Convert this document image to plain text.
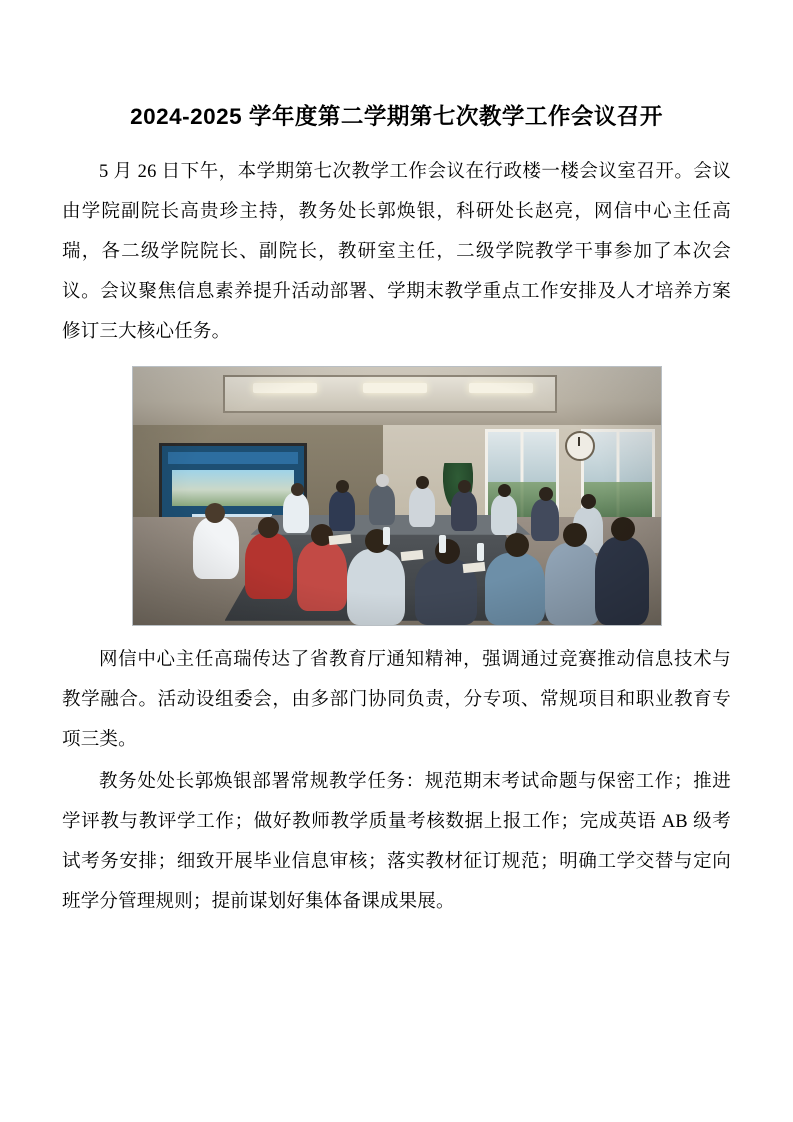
2024-2025 学年度第二学期第七次教学工作会议召开

5 月 26 日下午，本学期第七次教学工作会议在行政楼一楼会议室召开。会议由学院副院长高贵珍主持，教务处长郭焕银，科研处长赵亮，网信中心主任高瑞，各二级学院院长、副院长，教研室主任，二级学院教学干事参加了本次会议。会议聚焦信息素养提升活动部署、学期末教学重点工作安排及人才培养方案修订三大核心任务。

网信中心主任高瑞传达了省教育厅通知精神，强调通过竞赛推动信息技术与教学融合。活动设组委会，由多部门协同负责，分专项、常规项目和职业教育专项三类。

教务处处长郭焕银部署常规教学任务：规范期末考试命题与保密工作；推进学评教与教评学工作；做好教师教学质量考核数据上报工作；完成英语 AB 级考试考务安排；细致开展毕业信息审核；落实教材征订规范；明确工学交替与定向班学分管理规则；提前谋划好集体备课成果展。
